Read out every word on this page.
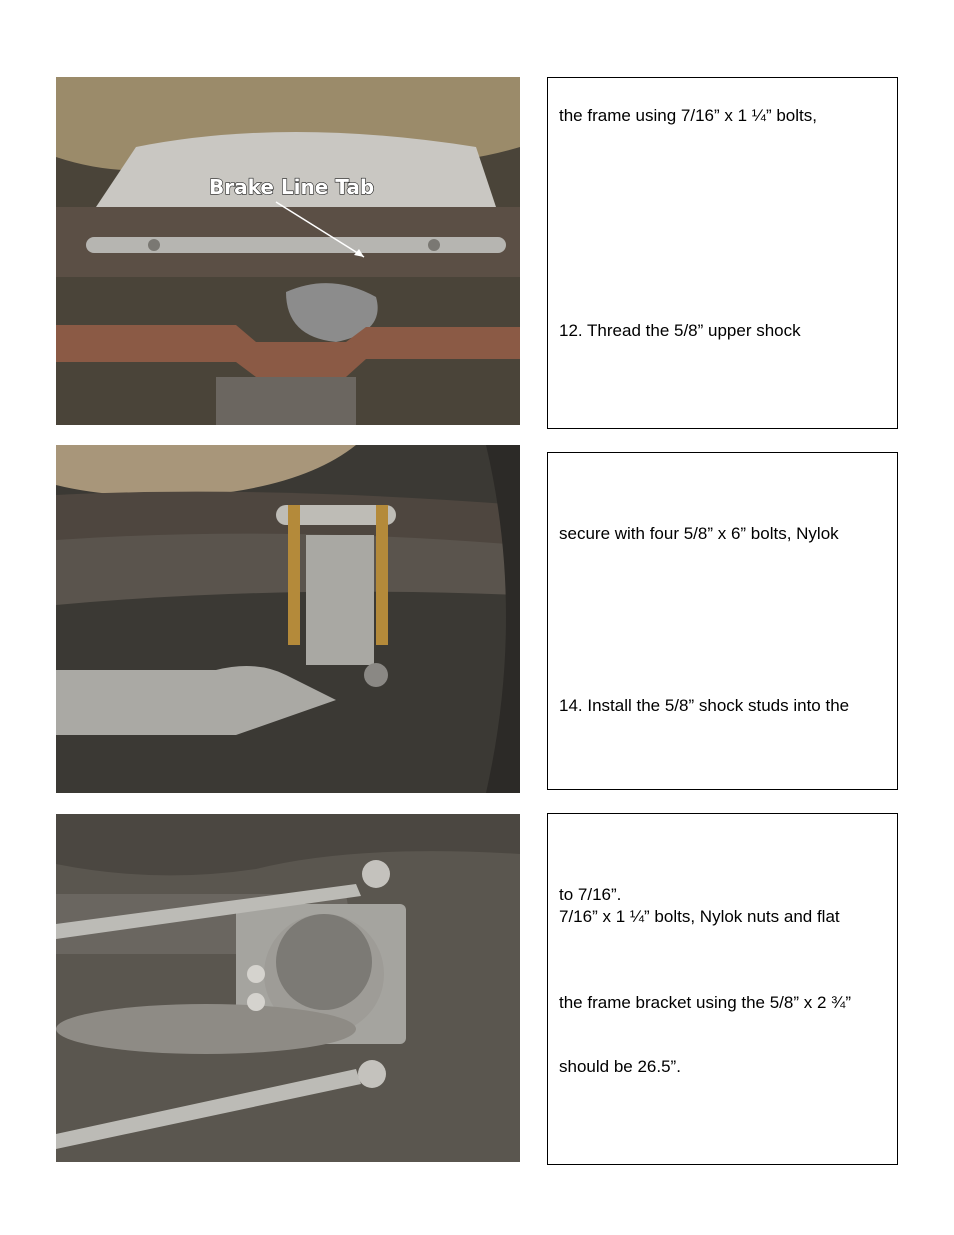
Brake Line Tab
the frame using 7/16” x 1 ¼” bolts,
12. Thread the 5/8” upper shock
secure with four 5/8” x 6” bolts, Nylok
14. Install the 5/8” shock studs into the
to 7/16”.
7/16” x 1 ¼” bolts, Nylok nuts and flat
the frame bracket using the 5/8” x 2 ¾”
should be 26.5”.
